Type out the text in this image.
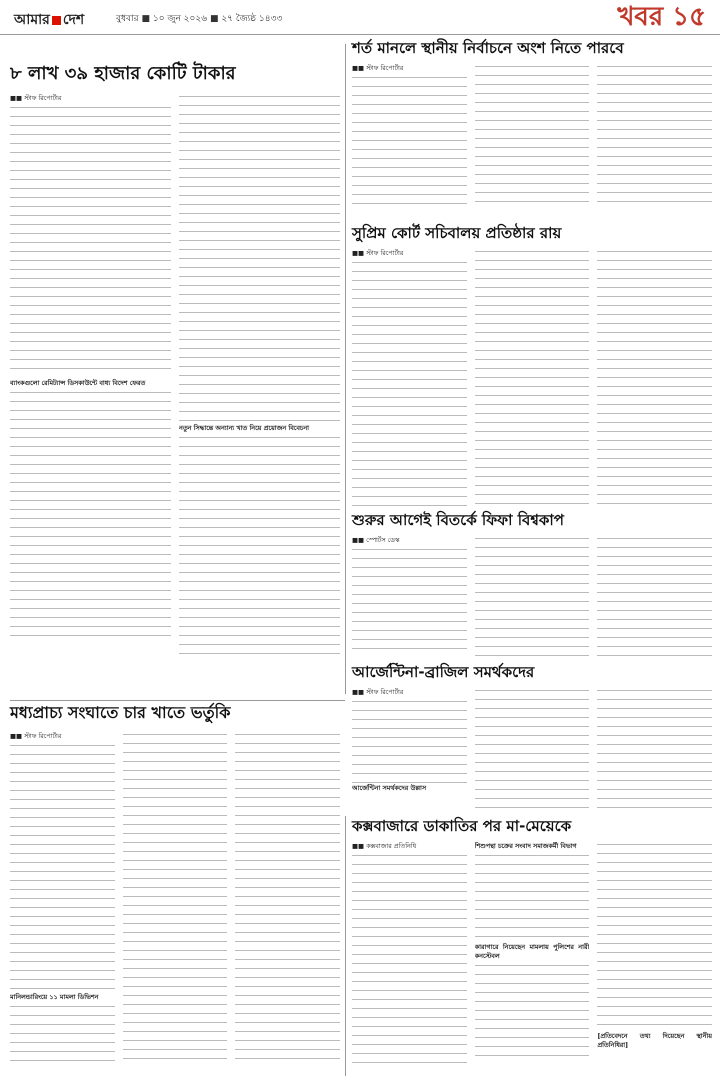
আমার দেশ	বুধবার ■ ১০ জুন ২০২৬ ■ ২৭ জ্যৈষ্ঠ ১৪৩৩	খবর ১৫
৮ লাখ ৩৯ হাজার কোটি টাকার
■■ স্টাফ রিপোর্টার
ব্যাংকগুলো রেমিট্যান্স ডিসকাউন্টে বাধ্য বিদেশ ফেরত
নতুন সিদ্ধান্তে অন্যান্য খাত নিয়ে প্রয়োজন বিবেচনা
শর্ত মানলে স্থানীয় নির্বাচনে অংশ নিতে পারবে
■■ স্টাফ রিপোর্টার
সুপ্রিম কোর্ট সচিবালয় প্রতিষ্ঠার রায়
■■ স্টাফ রিপোর্টার
শুরুর আগেই বিতর্কে ফিফা বিশ্বকাপ
■■ স্পোর্টস ডেস্ক
আর্জেন্টিনা-ব্রাজিল সমর্থকদের
■■ স্টাফ রিপোর্টার
আর্জেন্টিনা সমর্থকদের উল্লাস
মধ্যপ্রাচ্য সংঘাতে চার খাতে ভর্তুকি
■■ স্টাফ রিপোর্টার
মানিলন্ডারিংয়ে ১১ মামলা ডিভিশন
কক্সবাজারে ডাকাতির পর মা-মেয়েকে
■■ কক্সবাজার প্রতিনিধি	শিশুপন্থা চক্রের সংবাদ সমাজকর্মী বিভাগ
কারাগারে নিয়েছেন মামলায় পুলিশের নারী কনস্টেবল
[প্রতিবেদনে তথ্য দিয়েছেন স্থানীয় প্রতিনিধিরা]
